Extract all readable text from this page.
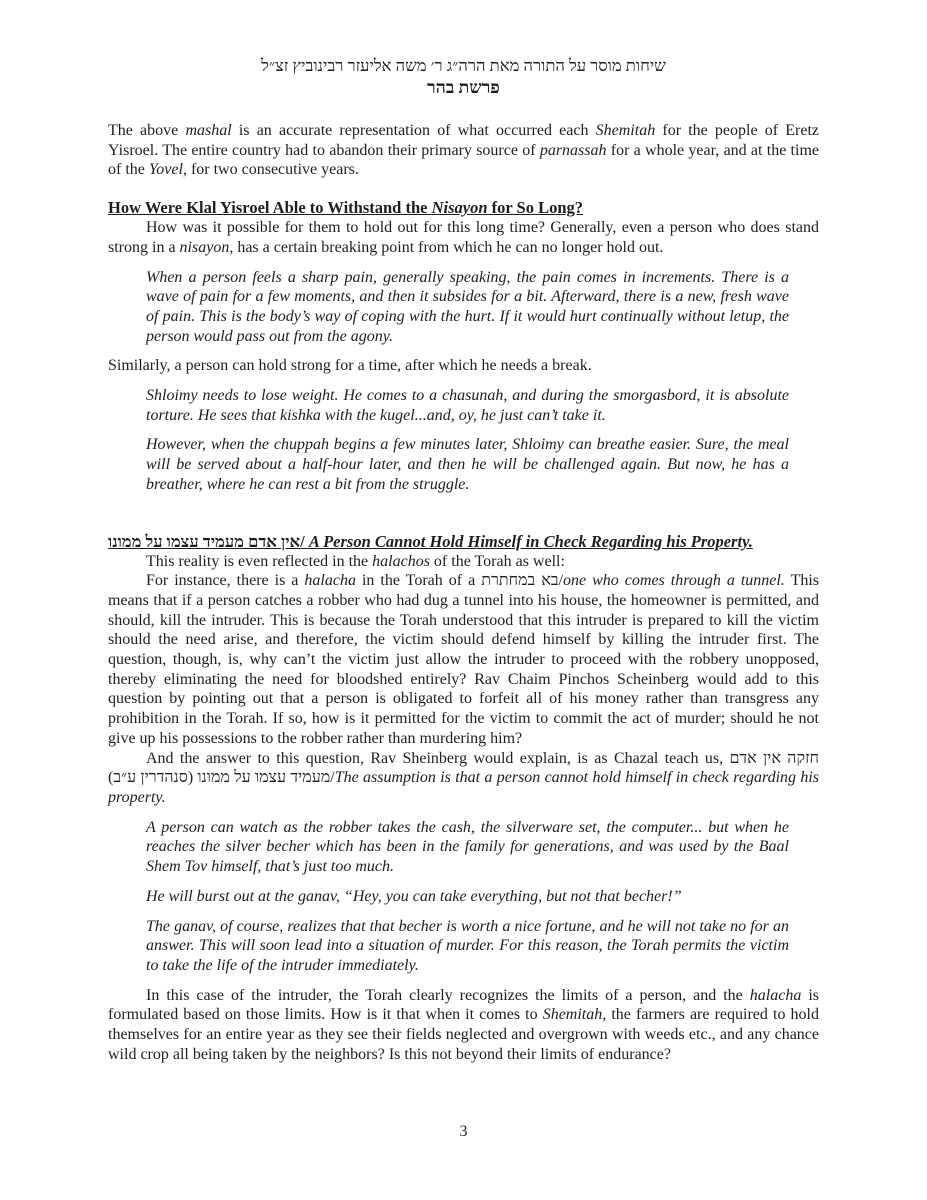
שיחות מוסר על התורה מאת הרה״ג ר׳ משה אליעזר רבינוביץ זצ״ל

פרשת בהר

The above mashal is an accurate representation of what occurred each Shemitah for the people of Eretz Yisroel. The entire country had to abandon their primary source of parnassah for a whole year, and at the time of the Yovel, for two consecutive years.

How Were Klal Yisroel Able to Withstand the Nisayon for So Long?

How was it possible for them to hold out for this long time? Generally, even a person who does stand strong in a nisayon, has a certain breaking point from which he can no longer hold out.

When a person feels a sharp pain, generally speaking, the pain comes in increments. There is a wave of pain for a few moments, and then it subsides for a bit. Afterward, there is a new, fresh wave of pain. This is the body’s way of coping with the hurt. If it would hurt continually without letup, the person would pass out from the agony.

Similarly, a person can hold strong for a time, after which he needs a break.

Shloimy needs to lose weight. He comes to a chasunah, and during the smorgasbord, it is absolute torture. He sees that kishka with the kugel...and, oy, he just can’t take it.

However, when the chuppah begins a few minutes later, Shloimy can breathe easier. Sure, the meal will be served about a half-hour later, and then he will be challenged again. But now, he has a breather, where he can rest a bit from the struggle.

אין אדם מעמיד עצמו על ממונו/ A Person Cannot Hold Himself in Check Regarding his Property.

This reality is even reflected in the halachos of the Torah as well:

For instance, there is a halacha in the Torah of a בא במחתרת/one who comes through a tunnel. This means that if a person catches a robber who had dug a tunnel into his house, the homeowner is permitted, and should, kill the intruder. This is because the Torah understood that this intruder is prepared to kill the victim should the need arise, and therefore, the victim should defend himself by killing the intruder first. The question, though, is, why can’t the victim just allow the intruder to proceed with the robbery unopposed, thereby eliminating the need for bloodshed entirely? Rav Chaim Pinchos Scheinberg would add to this question by pointing out that a person is obligated to forfeit all of his money rather than transgress any prohibition in the Torah. If so, how is it permitted for the victim to commit the act of murder; should he not give up his possessions to the robber rather than murdering him?

And the answer to this question, Rav Sheinberg would explain, is as Chazal teach us, חזקה אין אדם מעמיד עצמו על ממונו (סנהדרין ע״ב)/The assumption is that a person cannot hold himself in check regarding his property.

A person can watch as the robber takes the cash, the silverware set, the computer... but when he reaches the silver becher which has been in the family for generations, and was used by the Baal Shem Tov himself, that’s just too much.

He will burst out at the ganav, “Hey, you can take everything, but not that becher!”

The ganav, of course, realizes that that becher is worth a nice fortune, and he will not take no for an answer. This will soon lead into a situation of murder. For this reason, the Torah permits the victim to take the life of the intruder immediately.

In this case of the intruder, the Torah clearly recognizes the limits of a person, and the halacha is formulated based on those limits. How is it that when it comes to Shemitah, the farmers are required to hold themselves for an entire year as they see their fields neglected and overgrown with weeds etc., and any chance wild crop all being taken by the neighbors? Is this not beyond their limits of endurance?

3
